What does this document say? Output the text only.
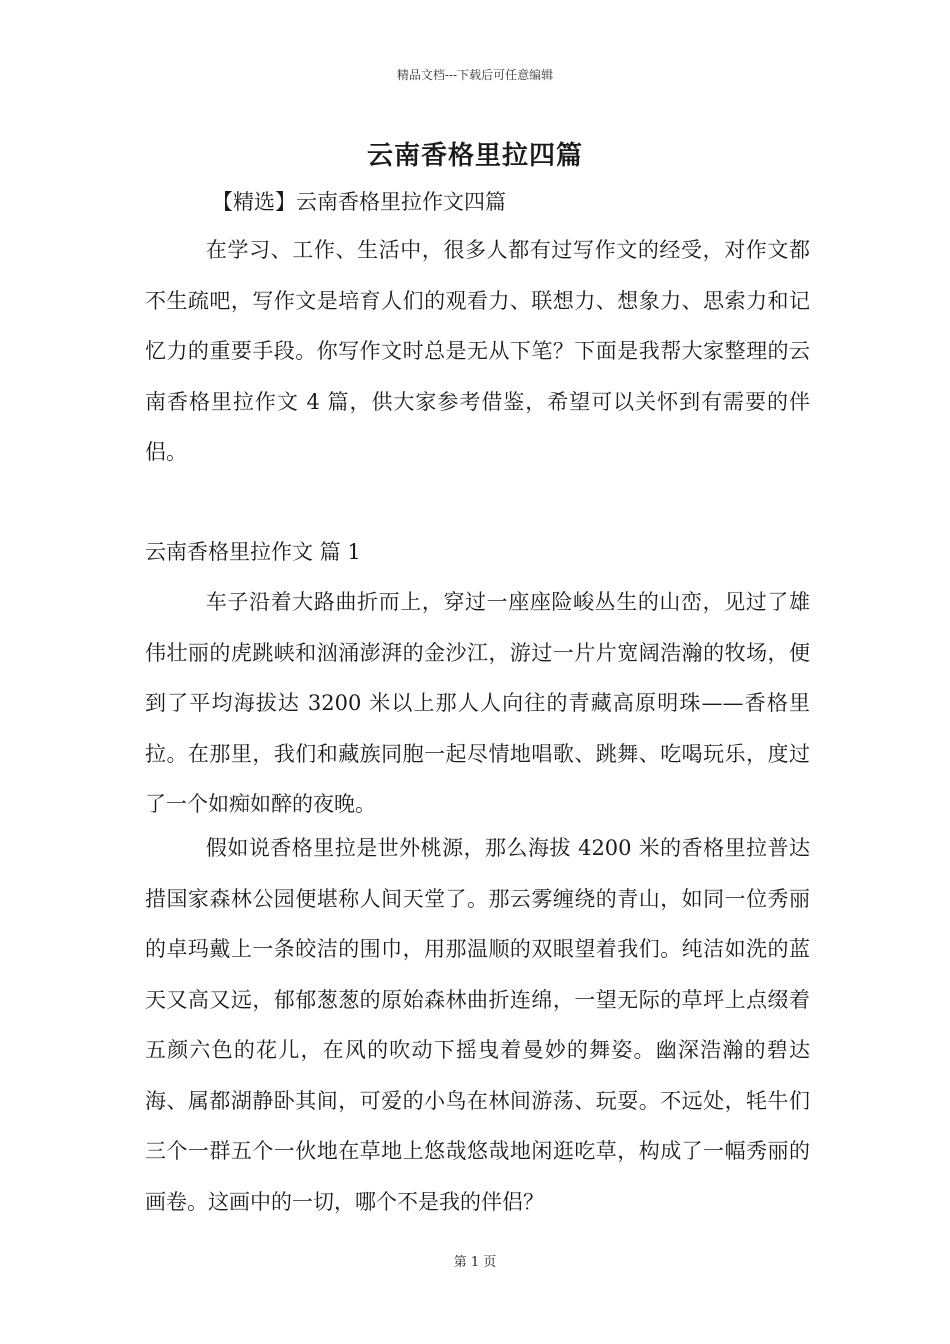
精品文档---下载后可任意编辑
云南香格里拉四篇
【精选】云南香格里拉作文四篇
在学习、工作、生活中，很多人都有过写作文的经受，对作文都不生疏吧，写作文是培育人们的观看力、联想力、想象力、思索力和记忆力的重要手段。你写作文时总是无从下笔？下面是我帮大家整理的云南香格里拉作文 4 篇，供大家参考借鉴，希望可以关怀到有需要的伴侣。
云南香格里拉作文 篇 1
车子沿着大路曲折而上，穿过一座座险峻丛生的山峦，见过了雄伟壮丽的虎跳峡和汹涌澎湃的金沙江，游过一片片宽阔浩瀚的牧场，便到了平均海拔达 3200 米以上那人人向往的青藏高原明珠——香格里拉。在那里，我们和藏族同胞一起尽情地唱歌、跳舞、吃喝玩乐，度过了一个如痴如醉的夜晚。
假如说香格里拉是世外桃源，那么海拔 4200 米的香格里拉普达措国家森林公园便堪称人间天堂了。那云雾缠绕的青山，如同一位秀丽的卓玛戴上一条皎洁的围巾，用那温顺的双眼望着我们。纯洁如洗的蓝天又高又远，郁郁葱葱的原始森林曲折连绵，一望无际的草坪上点缀着五颜六色的花儿，在风的吹动下摇曳着曼妙的舞姿。幽深浩瀚的碧达海、属都湖静卧其间，可爱的小鸟在林间游荡、玩耍。不远处，牦牛们三个一群五个一伙地在草地上悠哉悠哉地闲逛吃草，构成了一幅秀丽的画卷。这画中的一切，哪个不是我的伴侣？
第 1 页
